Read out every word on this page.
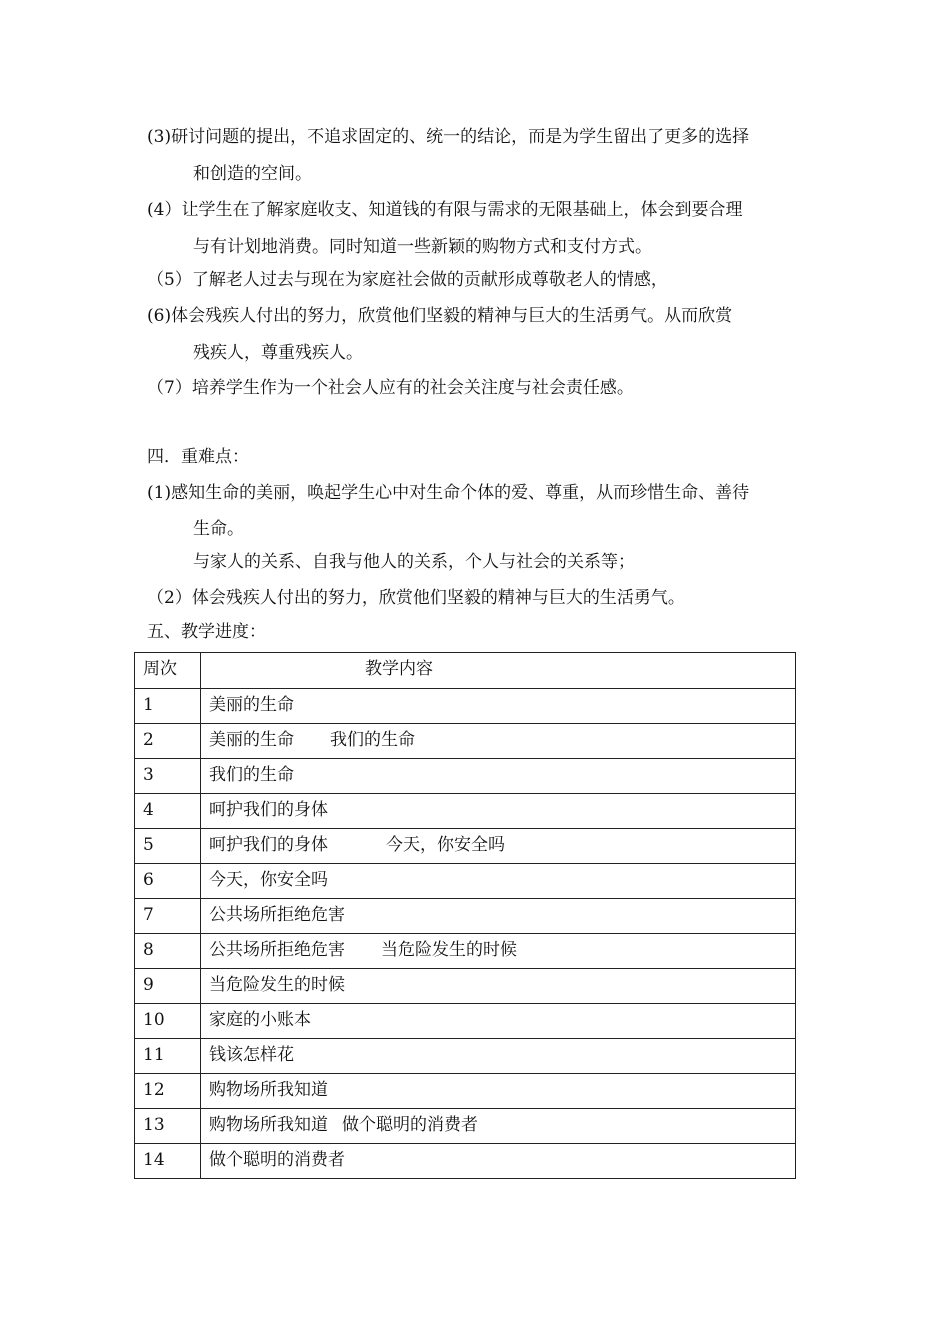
(3)研讨问题的提出，不追求固定的、统一的结论，而是为学生留出了更多的选择
和创造的空间。
(4）让学生在了解家庭收支、知道钱的有限与需求的无限基础上，体会到要合理
与有计划地消费。同时知道一些新颖的购物方式和支付方式。
（5）了解老人过去与现在为家庭社会做的贡献形成尊敬老人的情感，
(6)体会残疾人付出的努力，欣赏他们坚毅的精神与巨大的生活勇气。从而欣赏
残疾人，尊重残疾人。
（7）培养学生作为一个社会人应有的社会关注度与社会责任感。
四．重难点：
(1)感知生命的美丽，唤起学生心中对生命个体的爱、尊重，从而珍惜生命、善待
生命。
与家人的关系、自我与他人的关系，个人与社会的关系等；
（2）体会残疾人付出的努力，欣赏他们坚毅的精神与巨大的生活勇气。
五、教学进度：
周次	教学内容
1	美丽的生命
2	美丽的生命 我们的生命
3	我们的生命
4	呵护我们的身体
5	呵护我们的身体 今天，你安全吗
6	今天，你安全吗
7	公共场所拒绝危害
8	公共场所拒绝危害 当危险发生的时候
9	当危险发生的时候
10	家庭的小账本
11	钱该怎样花
12	购物场所我知道
13	购物场所我知道 做个聪明的消费者
14	做个聪明的消费者
